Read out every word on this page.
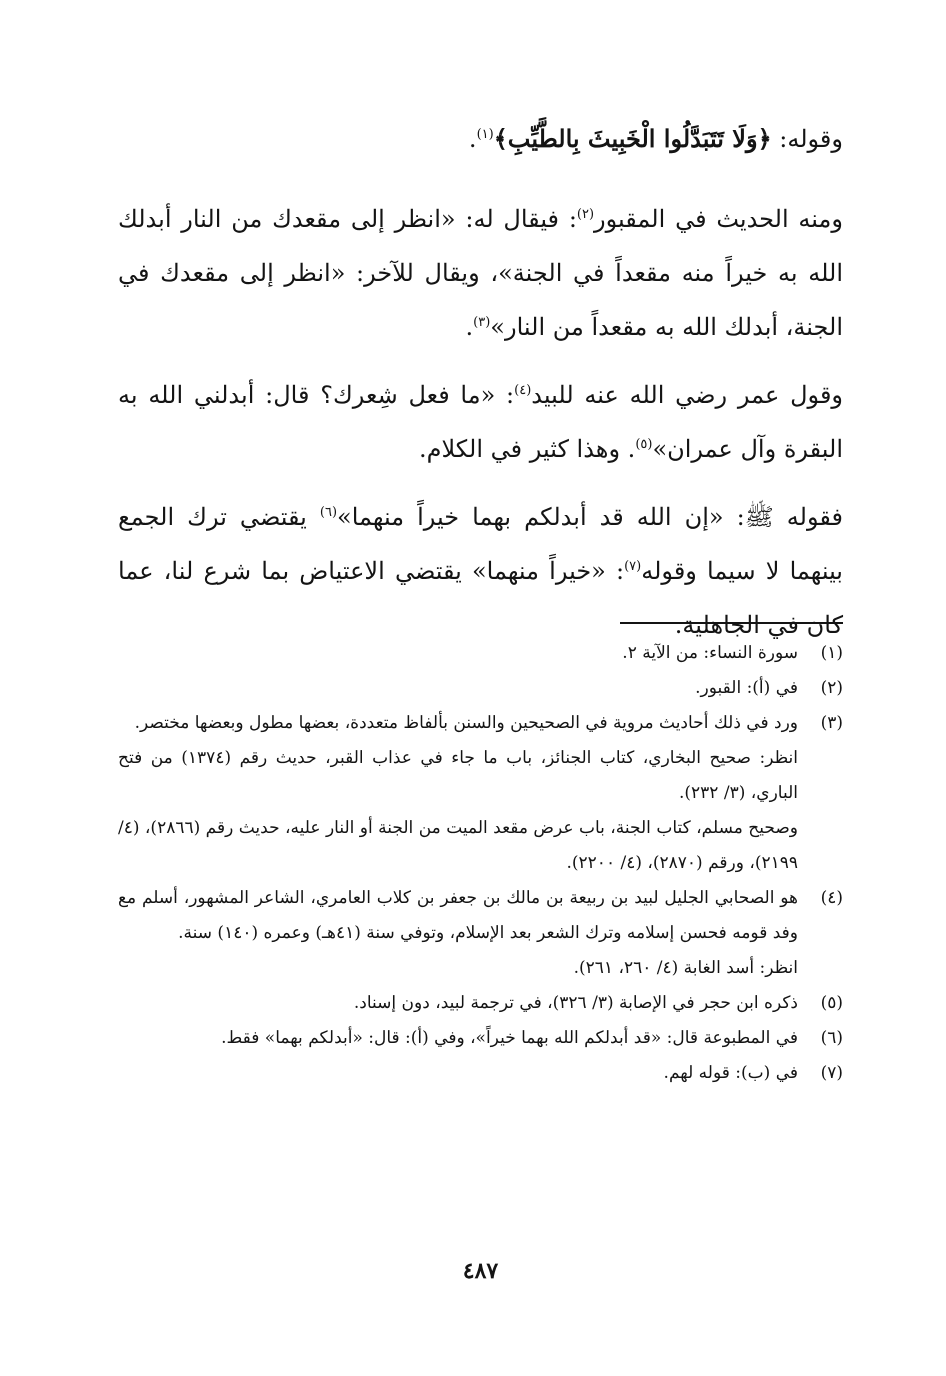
وقوله: ﴿وَلَا تَتَبَدَّلُوا الْخَبِيثَ بِالطَّيِّبِ﴾$^{(١)}$.

ومنه الحديث في المقبور$^{(٢)}$: فيقال له: «انظر إلى مقعدك من النار أبدلك الله به خيراً منه مقعداً في الجنة»، ويقال للآخر: «انظر إلى مقعدك في الجنة، أبدلك الله به مقعداً من النار»$^{(٣)}$.

وقول عمر رضي الله عنه للبيد$^{(٤)}$: «ما فعل شِعرك؟ قال: أبدلني الله به البقرة وآل عمران»$^{(٥)}$. وهذا كثير في الكلام.

فقوله ﷺ: «إن الله قد أبدلكم بهما خيراً منهما»$^{(٦)}$ يقتضي ترك الجمع بينهما لا سيما وقوله$^{(٧)}$: «خيراً منهما» يقتضي الاعتياض بما شرع لنا، عما كان في الجاهلية.

(١)
سورة النساء: من الآية ٢.
(٢)
في (أ): القبور.
(٣)
ورد في ذلك أحاديث مروية في الصحيحين والسنن بألفاظ متعددة، بعضها مطول وبعضها مختصر.
انظر: صحيح البخاري، كتاب الجنائز، باب ما جاء في عذاب القبر، حديث رقم (١٣٧٤) من فتح الباري، (٣/ ٢٣٢).
وصحيح مسلم، كتاب الجنة، باب عرض مقعد الميت من الجنة أو النار عليه، حديث رقم (٢٨٦٦)، (٤/ ٢١٩٩)، ورقم (٢٨٧٠)، (٤/ ٢٢٠٠).
(٤)
هو الصحابي الجليل لبيد بن ربيعة بن مالك بن جعفر بن كلاب العامري، الشاعر المشهور، أسلم مع وفد قومه فحسن إسلامه وترك الشعر بعد الإسلام، وتوفي سنة (٤١هـ) وعمره (١٤٠) سنة.
انظر: أسد الغابة (٤/ ٢٦٠، ٢٦١).
(٥)
ذكره ابن حجر في الإصابة (٣/ ٣٢٦)، في ترجمة لبيد، دون إسناد.
(٦)
في المطبوعة قال: «قد أبدلكم الله بهما خيراً»، وفي (أ): قال: «أبدلكم بهما» فقط.
(٧)
في (ب): قوله لهم.
٤٨٧
